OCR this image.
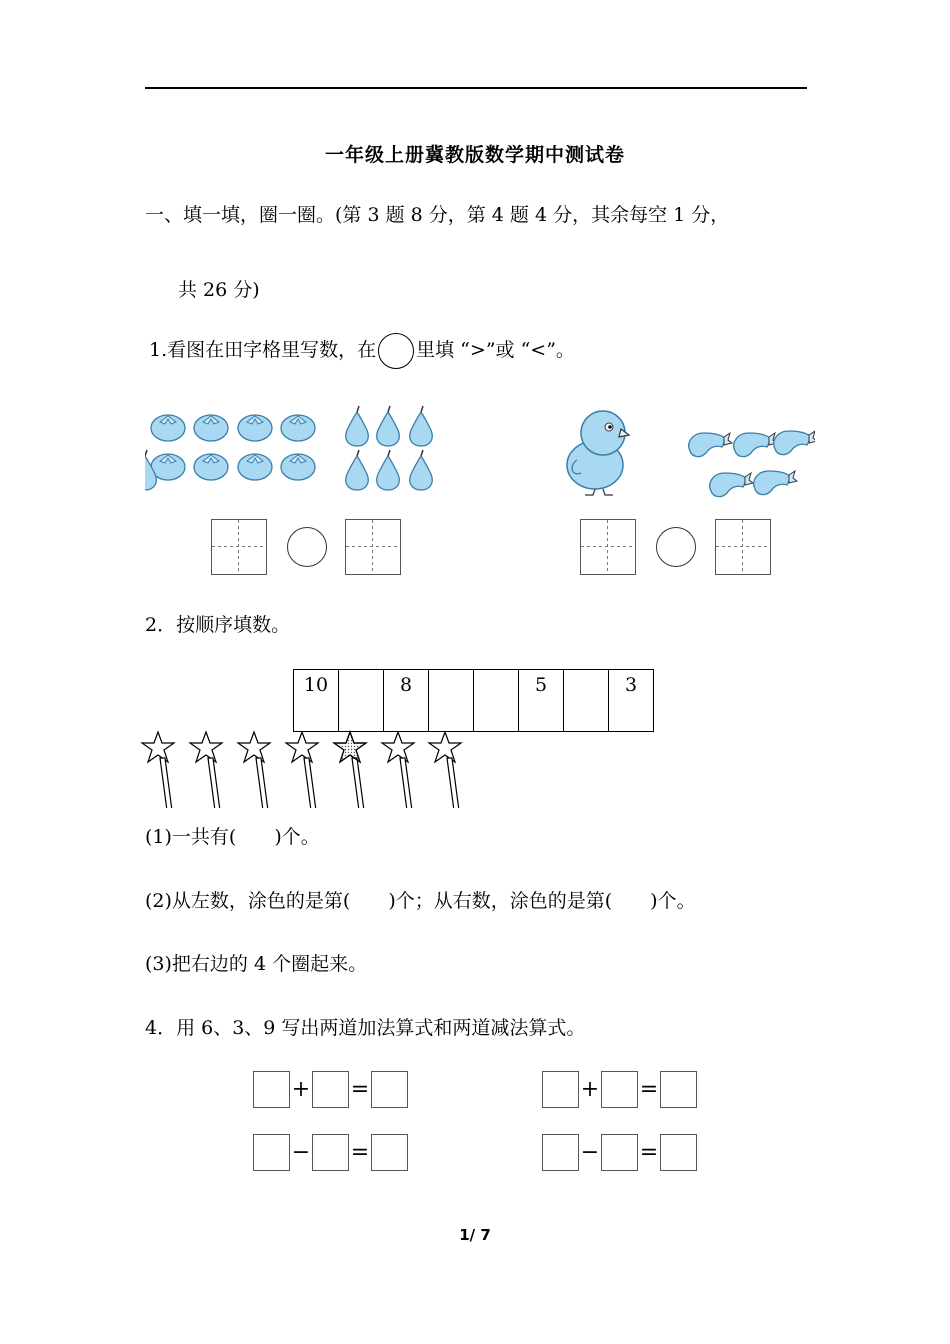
一年级上册冀教版数学期中测试卷
一、填一填，圈一圈。(第 3 题 8 分，第 4 题 4 分，其余每空 1 分，
共 26 分)
1.看图在田字格里写数，在 里填 “>”或 “<”。
2．按顺序填数。
10		8			5		3
(1)一共有(　　)个。
(2)从左数，涂色的是第(　　)个；从右数，涂色的是第(　　)个。
(3)把右边的 4 个圈起来。
4．用 6、3、9 写出两道加法算式和两道减法算式。
+ =	+ =
− =	− =
1/ 7
